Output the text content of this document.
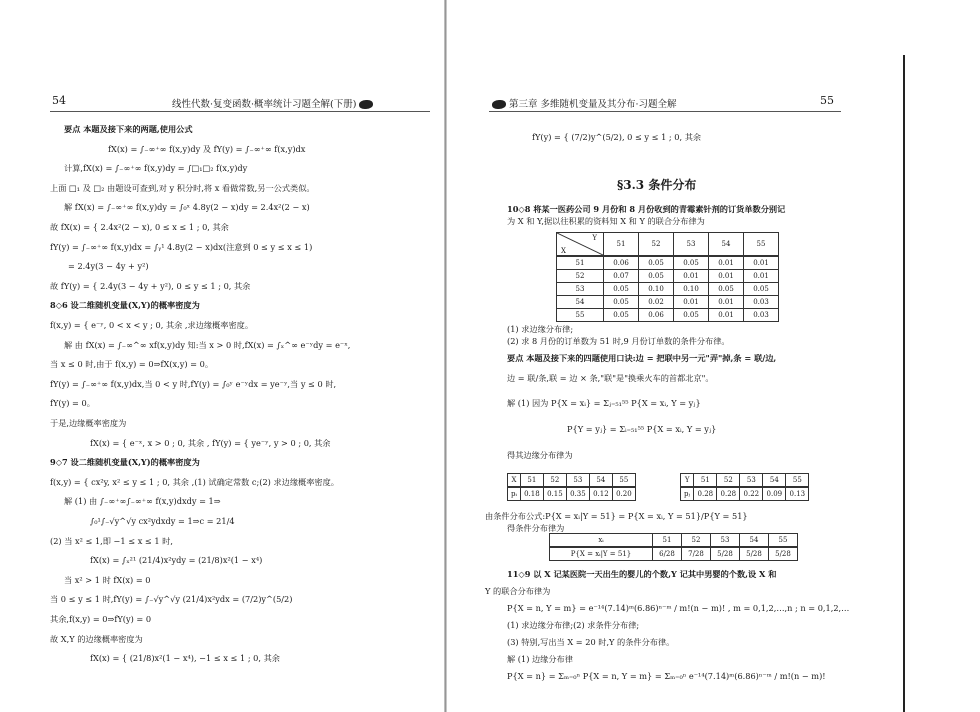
54	线性代数·复变函数·概率统计习题全解(下册)
要点 本题及接下来的两题,使用公式
fX(x) = ∫₋∞⁺∞ f(x,y)dy 及 fY(y) = ∫₋∞⁺∞ f(x,y)dx
计算,fX(x) = ∫₋∞⁺∞ f(x,y)dy = ∫□₁□₂ f(x,y)dy
上面 □₁ 及 □₂ 由题设可查到,对 y 积分时,将 x 看做常数,另一公式类似。
解 fX(x) = ∫₋∞⁺∞ f(x,y)dy = ∫₀ˣ 4.8y(2 − x)dy = 2.4x²(2 − x)
故 fX(x) = { 2.4x²(2 − x), 0 ≤ x ≤ 1 ; 0, 其余
fY(y) = ∫₋∞⁺∞ f(x,y)dx = ∫ᵧ¹ 4.8y(2 − x)dx(注意到 0 ≤ y ≤ x ≤ 1)
= 2.4y(3 − 4y + y²)
故 fY(y) = { 2.4y(3 − 4y + y²), 0 ≤ y ≤ 1 ; 0, 其余
8◇6 设二维随机变量(X,Y)的概率密度为
f(x,y) = { e⁻ʸ, 0 < x < y ; 0, 其余 ,求边缘概率密度。
解 由 fX(x) = ∫₋∞^∞ xf(x,y)dy 知:当 x > 0 时,fX(x) = ∫ₓ^∞ e⁻ʸdy = e⁻ˣ,
当 x ≤ 0 时,由于 f(x,y) = 0⇒fX(x,y) = 0。
fY(y) = ∫₋∞⁺∞ f(x,y)dx,当 0 < y 时,fY(y) = ∫₀ʸ e⁻ʸdx = ye⁻ʸ,当 y ≤ 0 时,
fY(y) = 0。
于是,边缘概率密度为
fX(x) = { e⁻ˣ, x > 0 ; 0, 其余 , fY(y) = { ye⁻ʸ, y > 0 ; 0, 其余
9◇7 设二维随机变量(X,Y)的概率密度为
f(x,y) = { cx²y, x² ≤ y ≤ 1 ; 0, 其余 ,(1) 试确定常数 c;(2) 求边缘概率密度。
解 (1) 由 ∫₋∞⁺∞∫₋∞⁺∞ f(x,y)dxdy = 1⇒
∫₀¹∫₋√y^√y cx²ydxdy = 1⇒c = 21/4
(2) 当 x² ≤ 1,即 −1 ≤ x ≤ 1 时,
fX(x) = ∫ₓ²¹ (21/4)x²ydy = (21/8)x²(1 − x⁴)
当 x² > 1 时 fX(x) = 0
当 0 ≤ y ≤ 1 时,fY(y) = ∫₋√y^√y (21/4)x²ydx = (7/2)y^(5/2)
其余,f(x,y) = 0⇒fY(y) = 0
故 X,Y 的边缘概率密度为
fX(x) = { (21/8)x²(1 − x⁴), −1 ≤ x ≤ 1 ; 0, 其余
第三章 多维随机变量及其分布·习题全解	55
fY(y) = { (7/2)y^(5/2), 0 ≤ y ≤ 1 ; 0, 其余
§3.3 条件分布
10◇8 将某一医药公司 9 月份和 8 月份收到的青霉素针剂的订货单数分别记
为 X 和 Y,据以往积累的资料知 X 和 Y 的联合分布律为
Y
X	51	52	53	54	55
51	0.06	0.05	0.05	0.01	0.01
52	0.07	0.05	0.01	0.01	0.01
53	0.05	0.10	0.10	0.05	0.05
54	0.05	0.02	0.01	0.01	0.03
55	0.05	0.06	0.05	0.01	0.03
(1) 求边缘分布律;
(2) 求 8 月份的订单数为 51 时,9 月份订单数的条件分布律。
要点 本题及接下来的四题使用口诀:边 = 把联中另一元"弄"掉,条 = 联/边,
边 = 联/条,联 = 边 × 条,"联"是"换乘火车的首都北京"。
解 (1) 因为 P{X = xᵢ} = Σⱼ₌₅₁⁵⁵ P{X = xᵢ, Y = yⱼ}
P{Y = yⱼ} = Σᵢ₌₅₁⁵⁵ P{X = xᵢ, Y = yⱼ}
得其边缘分布律为
X	51	52	53	54	55
pᵢ	0.18	0.15	0.35	0.12	0.20
Y	51	52	53	54	55
pⱼ	0.28	0.28	0.22	0.09	0.13
由条件分布公式:P{X = xᵢ|Y = 51} = P{X = xᵢ, Y = 51}/P{Y = 51}
得条件分布律为
xᵢ	51	52	53	54	55
P{X = xᵢ|Y = 51}	6/28	7/28	5/28	5/28	5/28
11◇9 以 X 记某医院一天出生的婴儿的个数,Y 记其中男婴的个数,设 X 和
Y 的联合分布律为
P{X = n, Y = m} = e⁻¹⁴(7.14)ᵐ(6.86)ⁿ⁻ᵐ / m!(n − m)! , m = 0,1,2,…,n ; n = 0,1,2,…
(1) 求边缘分布律;(2) 求条件分布律;
(3) 特别,写出当 X = 20 时,Y 的条件分布律。
解 (1) 边缘分布律
P{X = n} = Σₘ₌₀ⁿ P{X = n, Y = m} = Σₘ₌₀ⁿ e⁻¹⁴(7.14)ᵐ(6.86)ⁿ⁻ᵐ / m!(n − m)!
